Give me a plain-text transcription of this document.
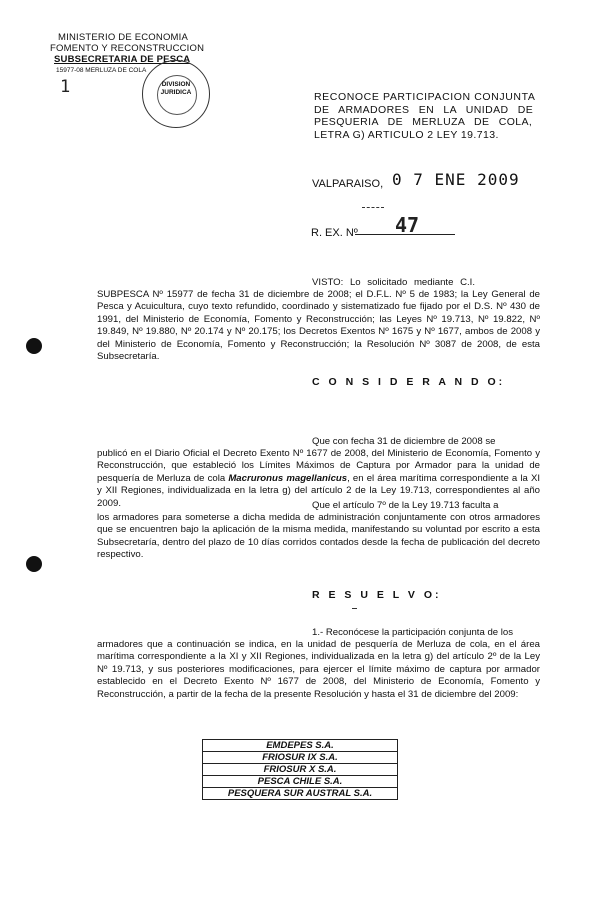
MINISTERIO DE ECONOMIA
FOMENTO Y RECONSTRUCCION
SUBSECRETARIA DE PESCA
15977-08 MERLUZA DE COLA
1	DIVISION
JURIDICA	RECONOCE PARTICIPACION CONJUNTA
DE ARMADORES EN LA UNIDAD DE
PESQUERIA DE MERLUZA DE COLA,
LETRA G) ARTICULO 2 LEY 19.713.
VALPARAISO, 0 7 ENE 2009
R. EX. Nº 47
VISTO: Lo solicitado mediante C.I.
SUBPESCA Nº 15977 de fecha 31 de diciembre de 2008; el D.F.L. Nº 5 de 1983; la Ley General de Pesca y Acuicultura, cuyo texto refundido, coordinado y sistematizado fue fijado por el D.S. Nº 430 de 1991, del Ministerio de Economía, Fomento y Reconstrucción; las Leyes Nº 19.713, Nº 19.822, Nº 19.849, Nº 19.880, Nº 20.174 y Nº 20.175; los Decretos Exentos Nº 1675 y Nº 1677, ambos de 2008 y del Ministerio de Economía, Fomento y Reconstrucción; la Resolución Nº 3087 de 2008, de esta Subsecretaría.
C O N S I D E R A N D O:
Que con fecha 31 de diciembre de 2008 se
publicó en el Diario Oficial el Decreto Exento Nº 1677 de 2008, del Ministerio de Economía, Fomento y Reconstrucción, que estableció los Límites Máximos de Captura por Armador para la unidad de pesquería de Merluza de cola Macruronus magellanicus, en el área marítima correspondiente a la XI y XII Regiones, individualizada en la letra g) del artículo 2 de la Ley 19.713, correspondientes al año 2009.	Que el artículo 7º de la Ley 19.713 faculta a
los armadores para someterse a dicha medida de administración conjuntamente con otros armadores que se encuentren bajo la aplicación de la misma medida, manifestando su voluntad por escrito a esta Subsecretaría, dentro del plazo de 10 días corridos contados desde la fecha de publicación del decreto respectivo.
R E S U E L V O:
1.- Reconócese la participación conjunta de los
armadores que a continuación se indica, en la unidad de pesquería de Merluza de cola, en el área marítima correspondiente a la XI y XII Regiones, individualizada en la letra g) del artículo 2º de la Ley Nº 19.713, y sus posteriores modificaciones, para ejercer el límite máximo de captura por armador establecido en el Decreto Exento Nº 1677 de 2008, del Ministerio de Economía, Fomento y Reconstrucción, a partir de la fecha de la presente Resolución y hasta el 31 de diciembre del 2009:
EMDEPES S.A.
FRIOSUR IX S.A.
FRIOSUR X S.A.
PESCA CHILE S.A.
PESQUERA SUR AUSTRAL S.A.
